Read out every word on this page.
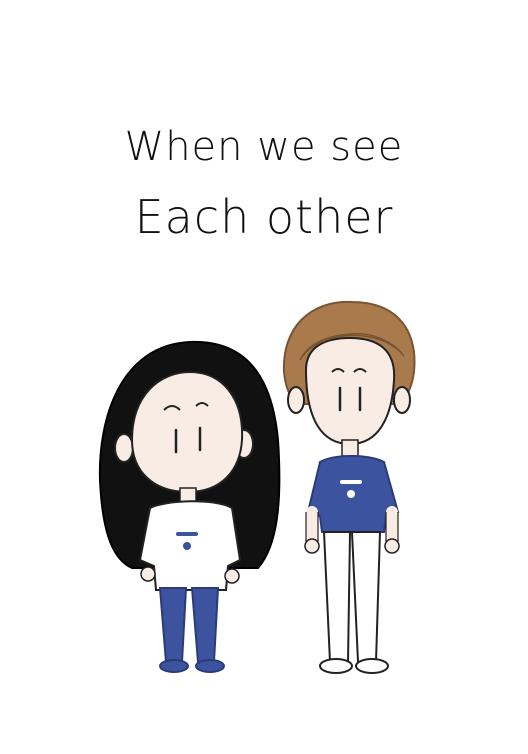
When we see
Each other
